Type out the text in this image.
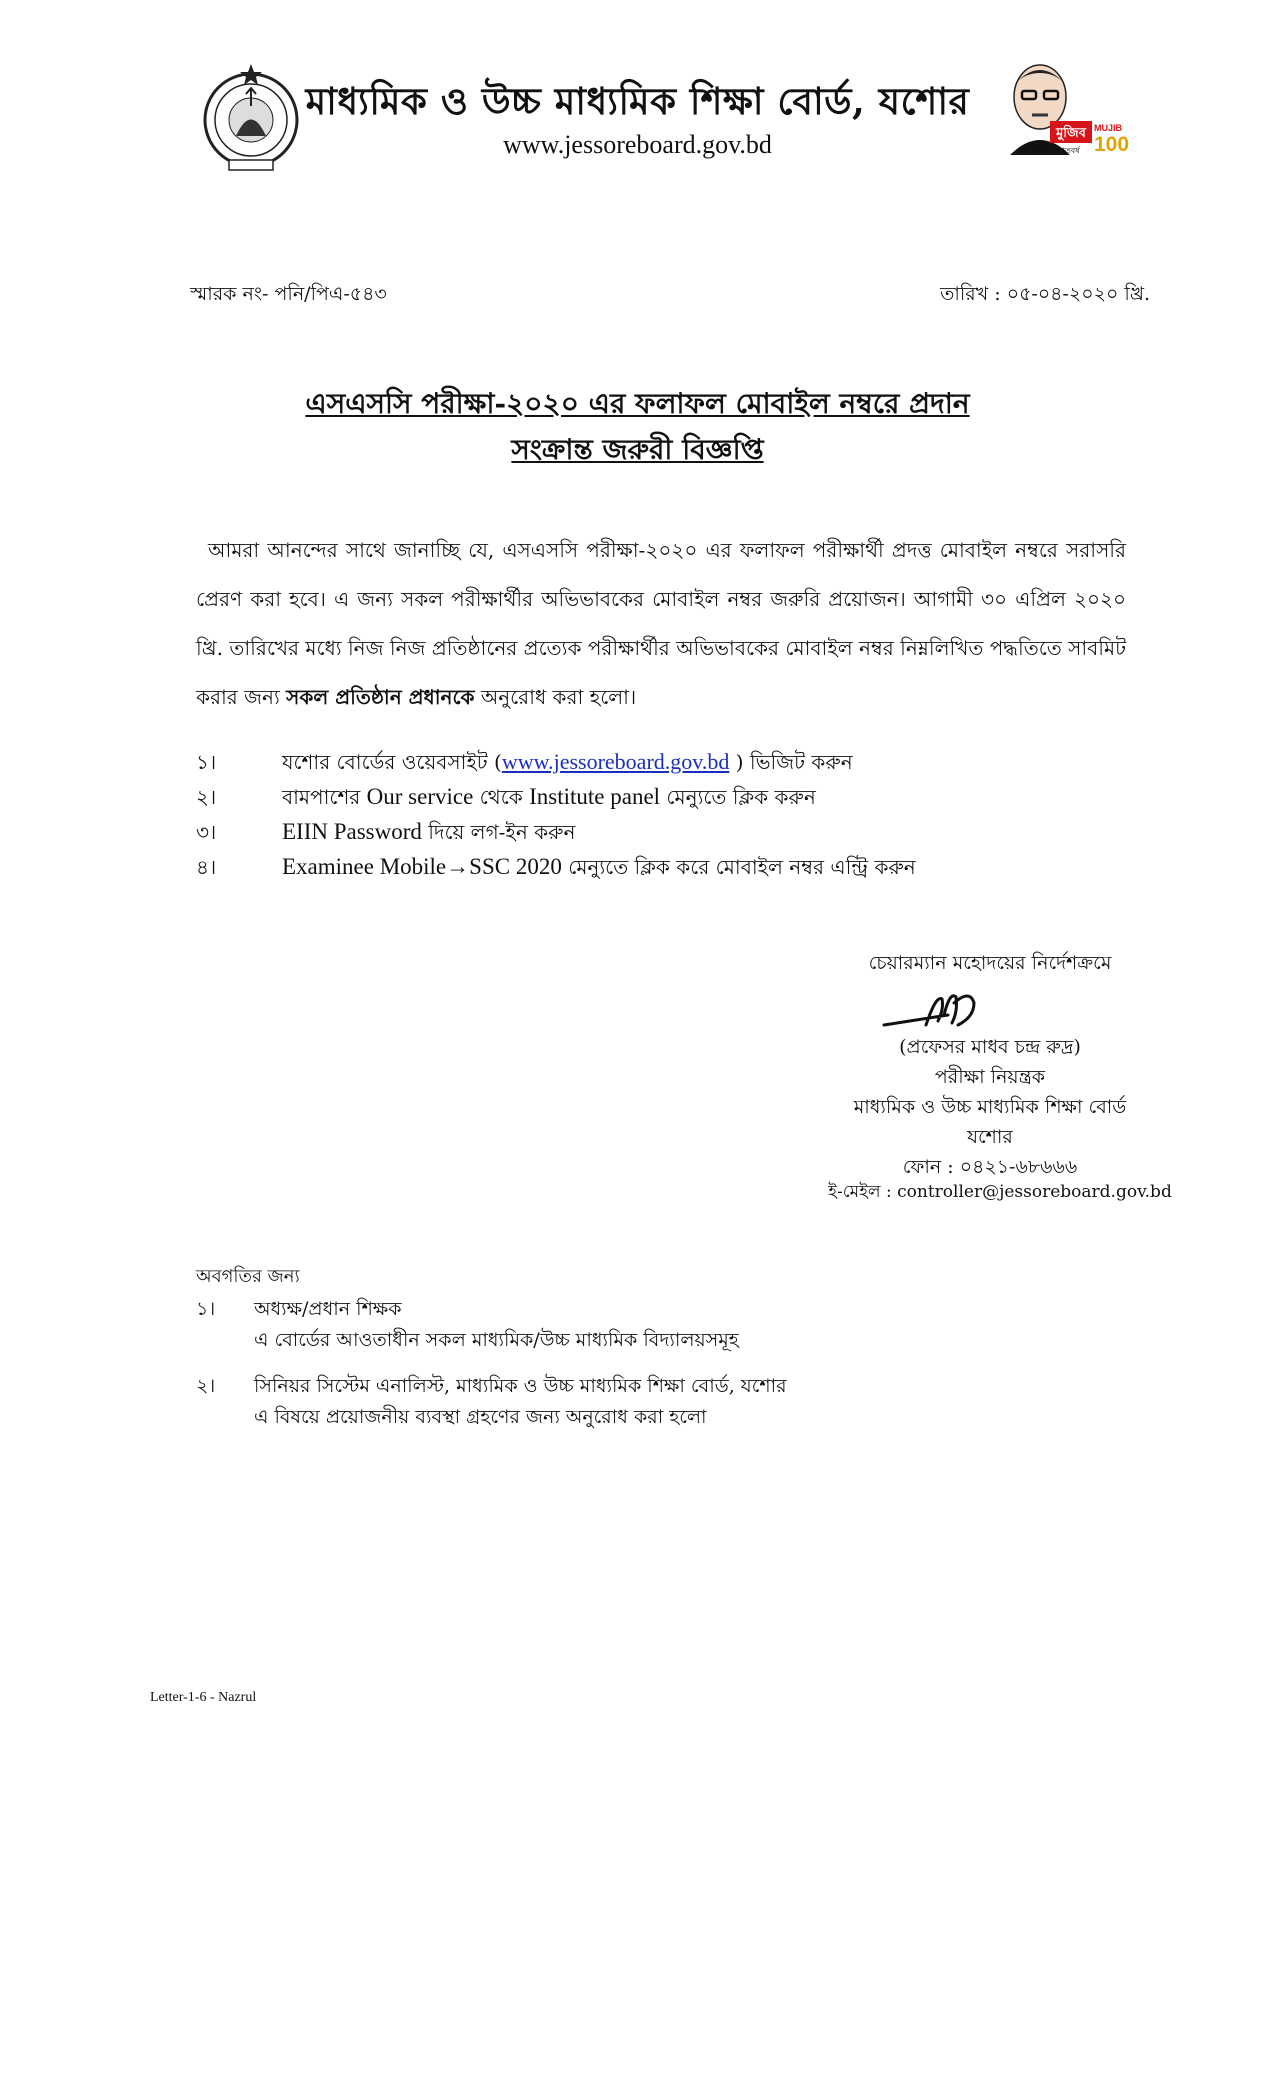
মাধ্যমিক ও উচ্চ মাধ্যমিক শিক্ষা বোর্ড, যশোর
www.jessoreboard.gov.bd	মুজিব MUJIB
100
শতবর্ষ
স্মারক নং- পনি/পিএ-৫৪৩	তারিখ : ০৫-০৪-২০২০ খ্রি.
এসএসসি পরীক্ষা-২০২০ এর ফলাফল মোবাইল নম্বরে প্রদান
সংক্রান্ত জরুরী বিজ্ঞপ্তি
আমরা আনন্দের সাথে জানাচ্ছি যে, এসএসসি পরীক্ষা-২০২০ এর ফলাফল পরীক্ষার্থী প্রদত্ত মোবাইল নম্বরে সরাসরি প্রেরণ করা হবে। এ জন্য সকল পরীক্ষার্থীর অভিভাবকের মোবাইল নম্বর জরুরি প্রয়োজন। আগামী ৩০ এপ্রিল ২০২০ খ্রি. তারিখের মধ্যে নিজ নিজ প্রতিষ্ঠানের প্রত্যেক পরীক্ষার্থীর অভিভাবকের মোবাইল নম্বর নিম্নলিখিত পদ্ধতিতে সাবমিট করার জন্য সকল প্রতিষ্ঠান প্রধানকে অনুরোধ করা হলো।
১।	যশোর বোর্ডের ওয়েবসাইট (www.jessoreboard.gov.bd ) ভিজিট করুন
২।	বামপাশের Our service থেকে Institute panel মেন্যুতে ক্লিক করুন
৩।	EIIN Password দিয়ে লগ-ইন করুন
৪।	Examinee Mobile→SSC 2020 মেন্যুতে ক্লিক করে মোবাইল নম্বর এন্ট্রি করুন
চেয়ারম্যান মহোদয়ের নির্দেশক্রমে
(প্রফেসর মাধব চন্দ্র রুদ্র)
পরীক্ষা নিয়ন্ত্রক
মাধ্যমিক ও উচ্চ মাধ্যমিক শিক্ষা বোর্ড
যশোর
ফোন : ০৪২১-৬৮৬৬৬
ই-মেইল : controller@jessoreboard.gov.bd
অবগতির জন্য
১। অধ্যক্ষ/প্রধান শিক্ষক
এ বোর্ডের আওতাধীন সকল মাধ্যমিক/উচ্চ মাধ্যমিক বিদ্যালয়সমূহ
২। সিনিয়র সিস্টেম এনালিস্ট, মাধ্যমিক ও উচ্চ মাধ্যমিক শিক্ষা বোর্ড, যশোর
এ বিষয়ে প্রয়োজনীয় ব্যবস্থা গ্রহণের জন্য অনুরোধ করা হলো
Letter-1-6 - Nazrul
